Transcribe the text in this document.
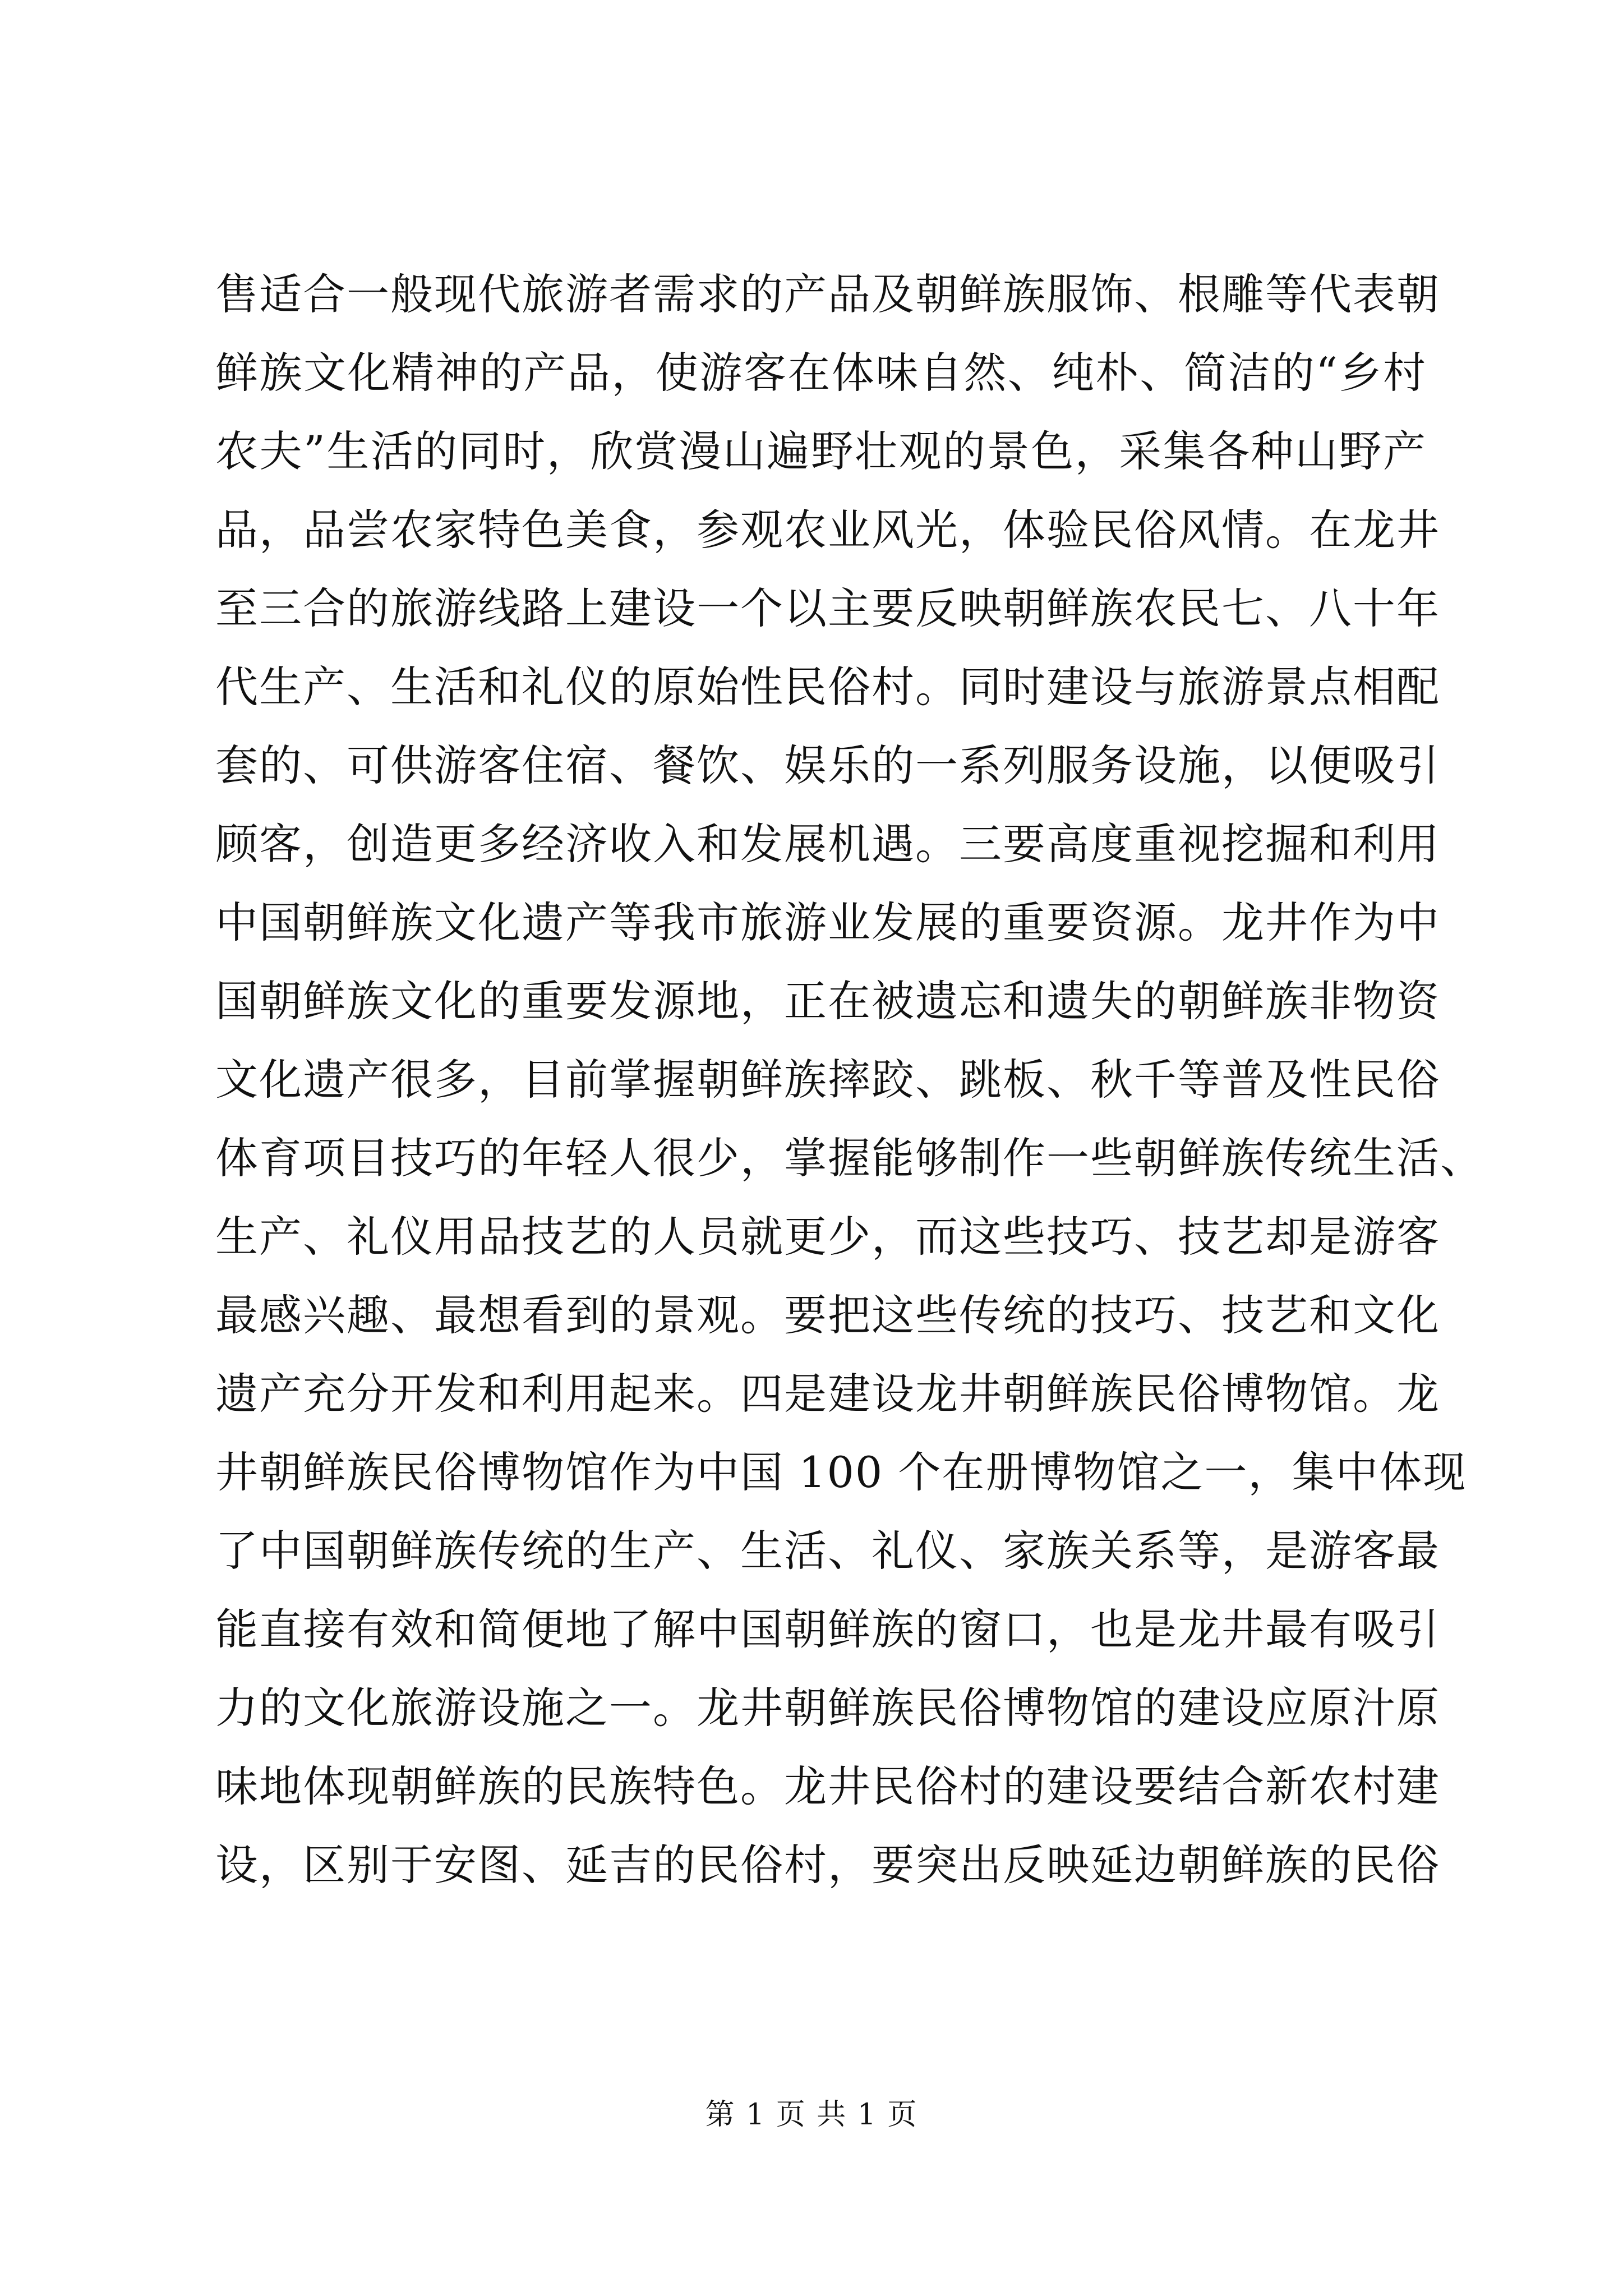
售适合一般现代旅游者需求的产品及朝鲜族服饰、根雕等代表朝
鲜族文化精神的产品，使游客在体味自然、纯朴、简洁的“乡村
农夫”生活的同时，欣赏漫山遍野壮观的景色，采集各种山野产
品，品尝农家特色美食，参观农业风光，体验民俗风情。在龙井
至三合的旅游线路上建设一个以主要反映朝鲜族农民七、八十年
代生产、生活和礼仪的原始性民俗村。同时建设与旅游景点相配
套的、可供游客住宿、餐饮、娱乐的一系列服务设施，以便吸引
顾客，创造更多经济收入和发展机遇。三要高度重视挖掘和利用
中国朝鲜族文化遗产等我市旅游业发展的重要资源。龙井作为中
国朝鲜族文化的重要发源地，正在被遗忘和遗失的朝鲜族非物资
文化遗产很多，目前掌握朝鲜族摔跤、跳板、秋千等普及性民俗
体育项目技巧的年轻人很少，掌握能够制作一些朝鲜族传统生活、
生产、礼仪用品技艺的人员就更少，而这些技巧、技艺却是游客
最感兴趣、最想看到的景观。要把这些传统的技巧、技艺和文化
遗产充分开发和利用起来。四是建设龙井朝鲜族民俗博物馆。龙
井朝鲜族民俗博物馆作为中国 100 个在册博物馆之一，集中体现
了中国朝鲜族传统的生产、生活、礼仪、家族关系等，是游客最
能直接有效和简便地了解中国朝鲜族的窗口，也是龙井最有吸引
力的文化旅游设施之一。龙井朝鲜族民俗博物馆的建设应原汁原
味地体现朝鲜族的民族特色。龙井民俗村的建设要结合新农村建
设，区别于安图、延吉的民俗村，要突出反映延边朝鲜族的民俗
第 1 页 共 1 页
